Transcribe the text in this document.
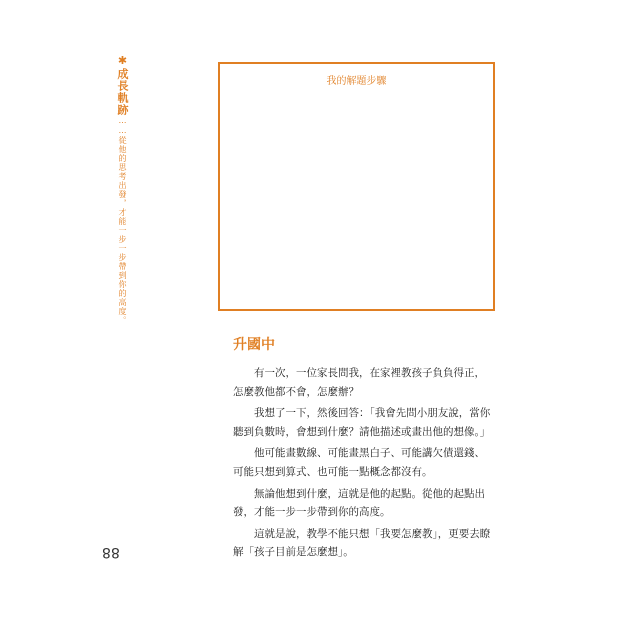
✱成長軌跡……從他的思考出發，才能一步一步帶到你的高度。
88
我的解題步驟
升國中

有一次，一位家長問我，在家裡教孩子負負得正，怎麼教他都不會，怎麼辦？

我想了一下，然後回答：「我會先問小朋友說，當你聽到負數時，會想到什麼？請他描述或畫出他的想像。」

他可能畫數線、可能畫黑白子、可能講欠債還錢、可能只想到算式、也可能一點概念都沒有。

無論他想到什麼，這就是他的起點。從他的起點出發，才能一步一步帶到你的高度。

這就是說，教學不能只想「我要怎麼教」，更要去瞭解「孩子目前是怎麼想」。
